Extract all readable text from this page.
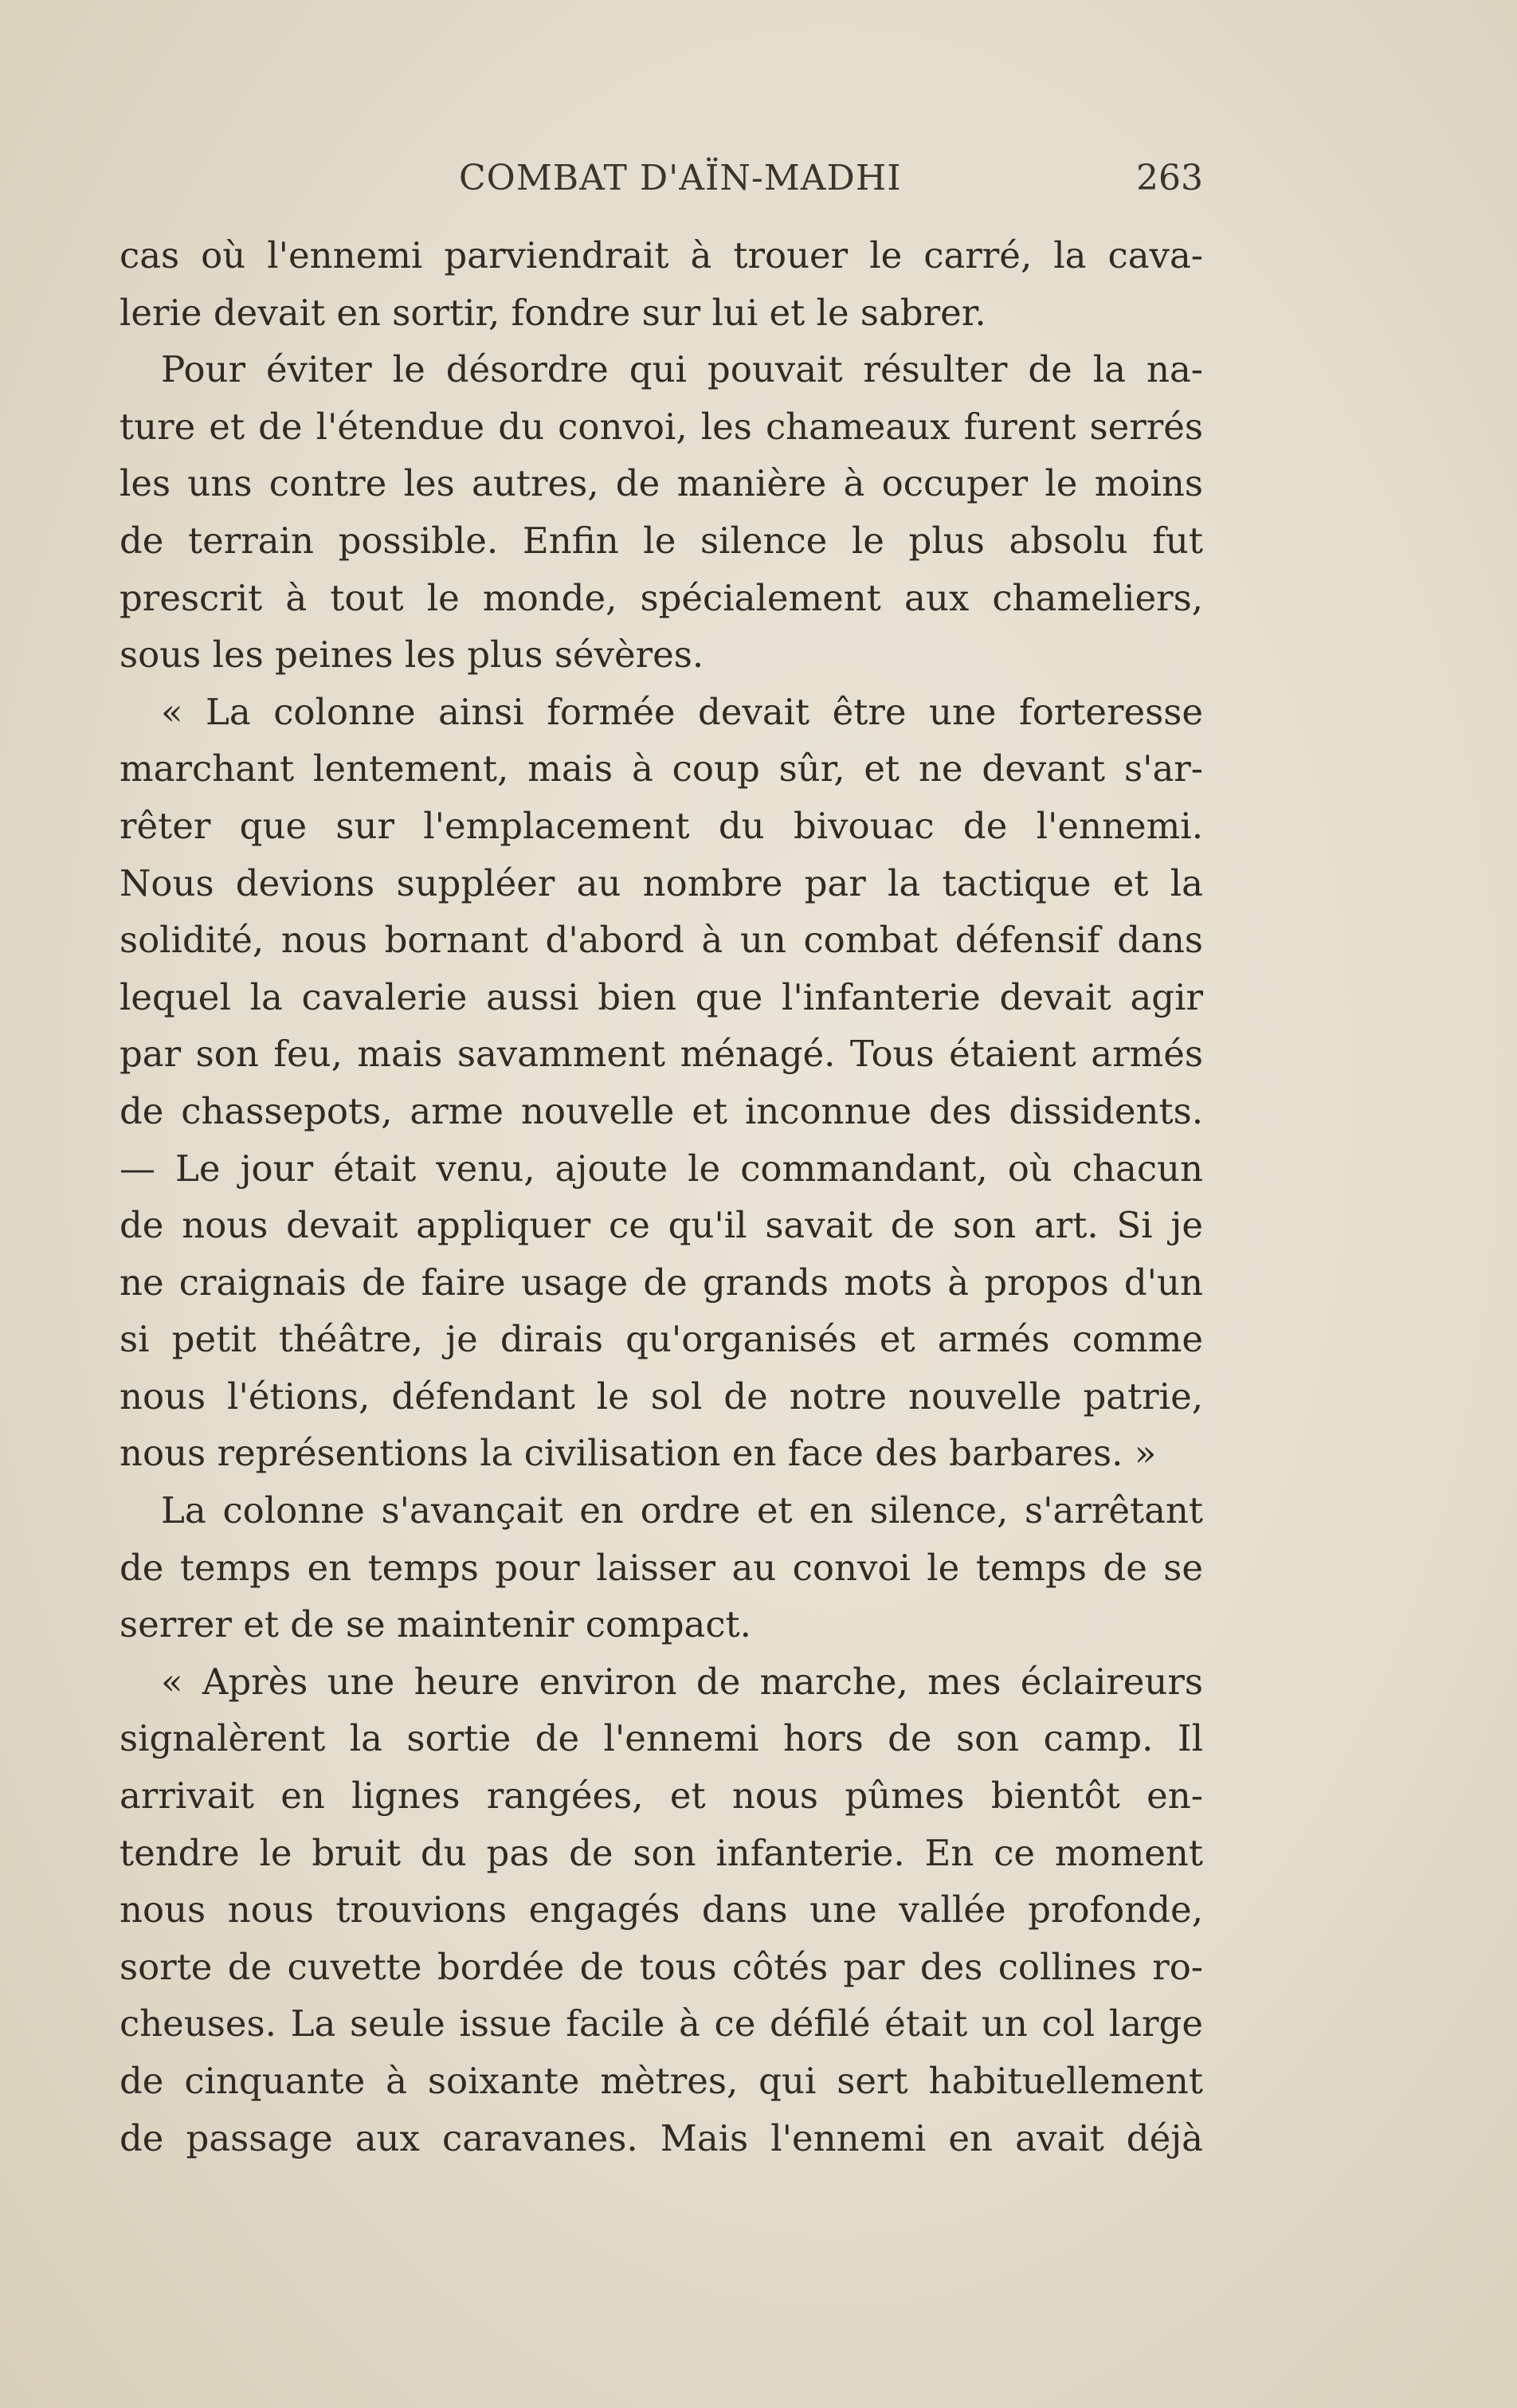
COMBAT D'AÏN-MADHI	263
cas où l'ennemi parviendrait à trouer le carré, la cava-
lerie devait en sortir, fondre sur lui et le sabrer.
Pour éviter le désordre qui pouvait résulter de la na-
ture et de l'étendue du convoi, les chameaux furent serrés
les uns contre les autres, de manière à occuper le moins
de terrain possible. Enfin le silence le plus absolu fut
prescrit à tout le monde, spécialement aux chameliers,
sous les peines les plus sévères.
« La colonne ainsi formée devait être une forteresse
marchant lentement, mais à coup sûr, et ne devant s'ar-
rêter que sur l'emplacement du bivouac de l'ennemi.
Nous devions suppléer au nombre par la tactique et la
solidité, nous bornant d'abord à un combat défensif dans
lequel la cavalerie aussi bien que l'infanterie devait agir
par son feu, mais savamment ménagé. Tous étaient armés
de chassepots, arme nouvelle et inconnue des dissidents.
— Le jour était venu, ajoute le commandant, où chacun
de nous devait appliquer ce qu'il savait de son art. Si je
ne craignais de faire usage de grands mots à propos d'un
si petit théâtre, je dirais qu'organisés et armés comme
nous l'étions, défendant le sol de notre nouvelle patrie,
nous représentions la civilisation en face des barbares. »
La colonne s'avançait en ordre et en silence, s'arrêtant
de temps en temps pour laisser au convoi le temps de se
serrer et de se maintenir compact.
« Après une heure environ de marche, mes éclaireurs
signalèrent la sortie de l'ennemi hors de son camp. Il
arrivait en lignes rangées, et nous pûmes bientôt en-
tendre le bruit du pas de son infanterie. En ce moment
nous nous trouvions engagés dans une vallée profonde,
sorte de cuvette bordée de tous côtés par des collines ro-
cheuses. La seule issue facile à ce défilé était un col large
de cinquante à soixante mètres, qui sert habituellement
de passage aux caravanes. Mais l'ennemi en avait déjà
